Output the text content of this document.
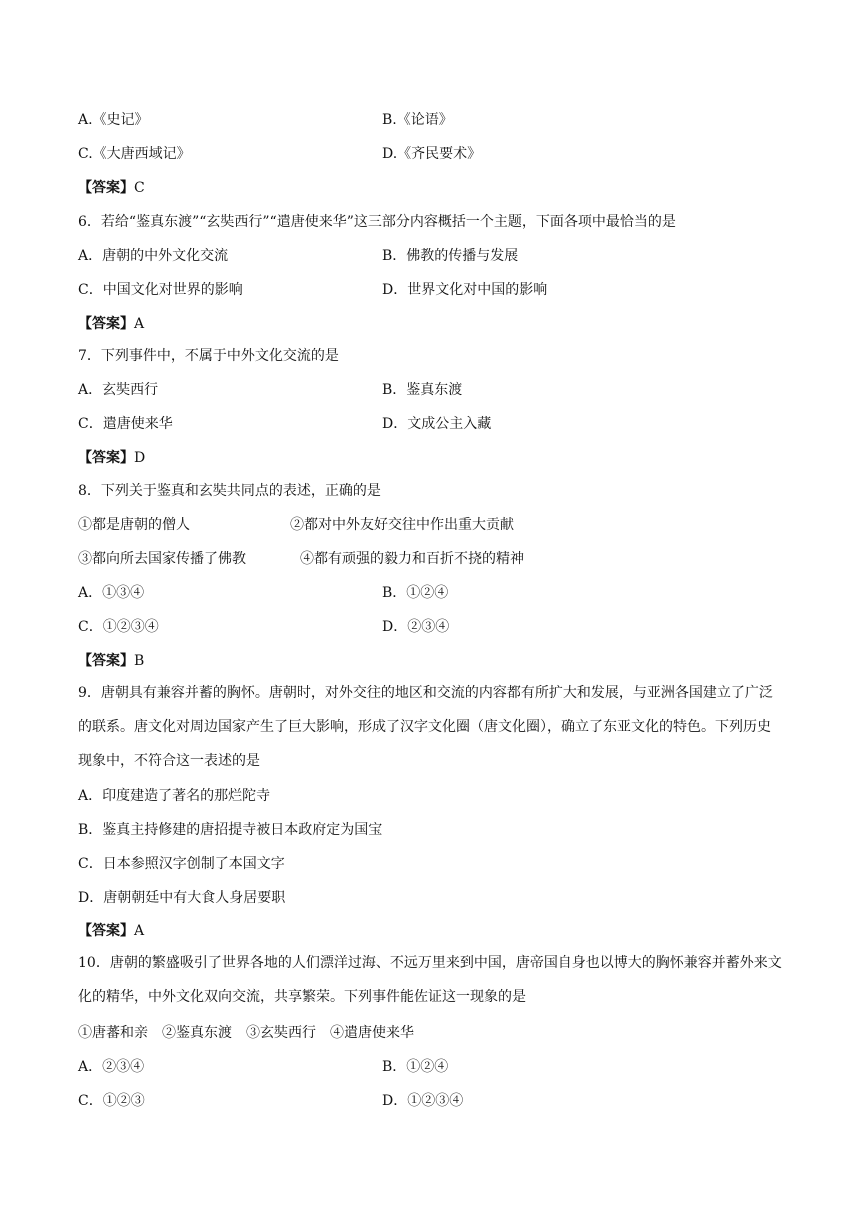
A.《史记》	B.《论语》
C.《大唐西域记》	D.《齐民要术》
【答案】C
6．若给“鉴真东渡”“玄奘西行”“遣唐使来华”这三部分内容概括一个主题，下面各项中最恰当的是
A．唐朝的中外文化交流	B．佛教的传播与发展
C．中国文化对世界的影响	D．世界文化对中国的影响
【答案】A
7．下列事件中，不属于中外文化交流的是
A．玄奘西行	B．鉴真东渡
C．遣唐使来华	D．文成公主入藏
【答案】D
8．下列关于鉴真和玄奘共同点的表述，正确的是
①都是唐朝的僧人	②都对中外友好交往中作出重大贡献
③都向所去国家传播了佛教	④都有顽强的毅力和百折不挠的精神
A．①③④	B．①②④
C．①②③④	D．②③④
【答案】B
9．唐朝具有兼容并蓄的胸怀。唐朝时，对外交往的地区和交流的内容都有所扩大和发展，与亚洲各国建立了广泛的联系。唐文化对周边国家产生了巨大影响，形成了汉字文化圈（唐文化圈），确立了东亚文化的特色。下列历史现象中，不符合这一表述的是
A．印度建造了著名的那烂陀寺
B．鉴真主持修建的唐招提寺被日本政府定为国宝
C．日本参照汉字创制了本国文字
D．唐朝朝廷中有大食人身居要职
【答案】A
10．唐朝的繁盛吸引了世界各地的人们漂洋过海、不远万里来到中国，唐帝国自身也以博大的胸怀兼容并蓄外来文化的精华，中外文化双向交流，共享繁荣。下列事件能佐证这一现象的是
①唐蕃和亲　②鉴真东渡　③玄奘西行　④遣唐使来华
A．②③④	B．①②④
C．①②③	D．①②③④
